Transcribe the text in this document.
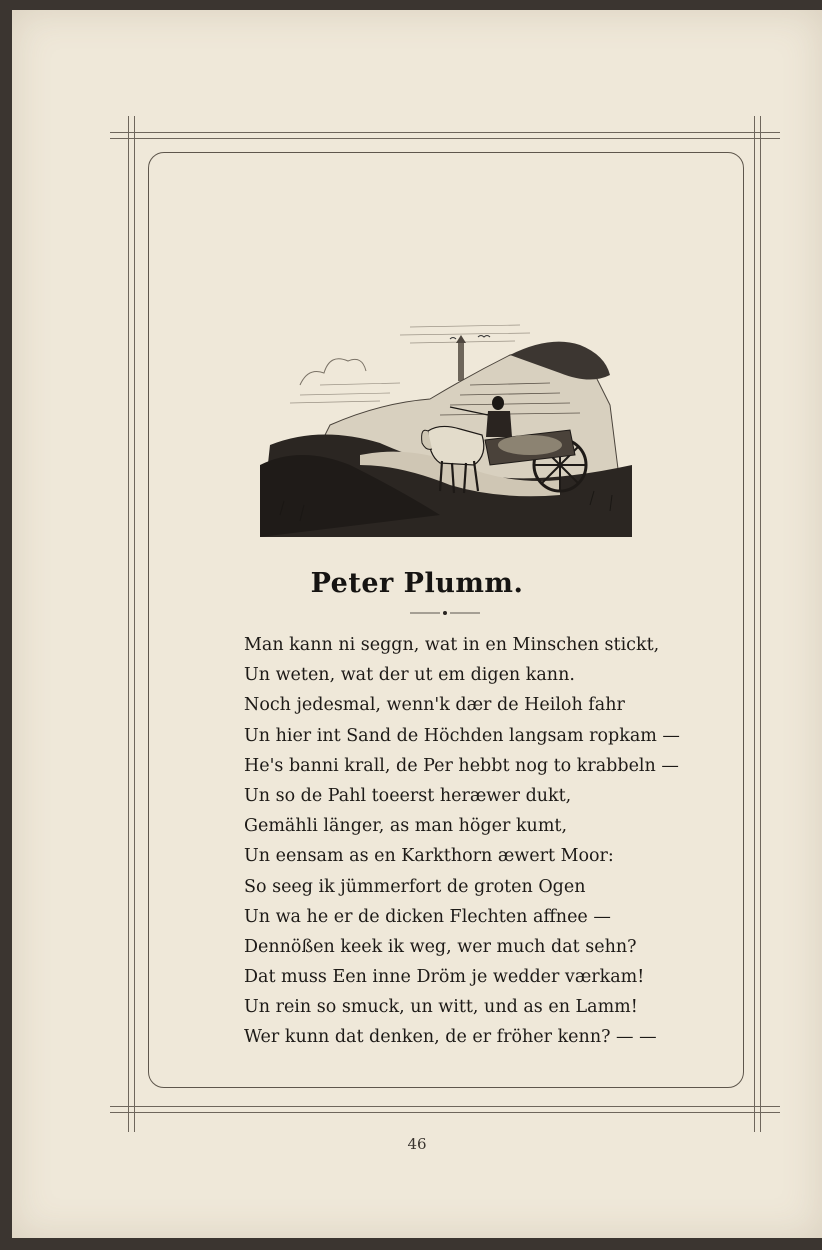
Peter Plumm.
Man kann ni seggn, wat in en Minschen stickt,
Un weten, wat der ut em digen kann.
Noch jedesmal, wenn'k dær de Heiloh fahr
Un hier int Sand de Höchden langsam ropkam —
He's banni krall, de Per hebbt nog to krabbeln —
Un so de Pahl toeerst heræwer dukt,
Gemähli länger, as man höger kumt,
Un eensam as en Karkthorn æwert Moor:
So seeg ik jümmerfort de groten Ogen
Un wa he er de dicken Flechten affnee —
Dennößen keek ik weg, wer much dat sehn?
Dat muss Een inne Dröm je wedder værkam!
Un rein so smuck, un witt, und as en Lamm!
Wer kunn dat denken, de er fröher kenn? — —
46
